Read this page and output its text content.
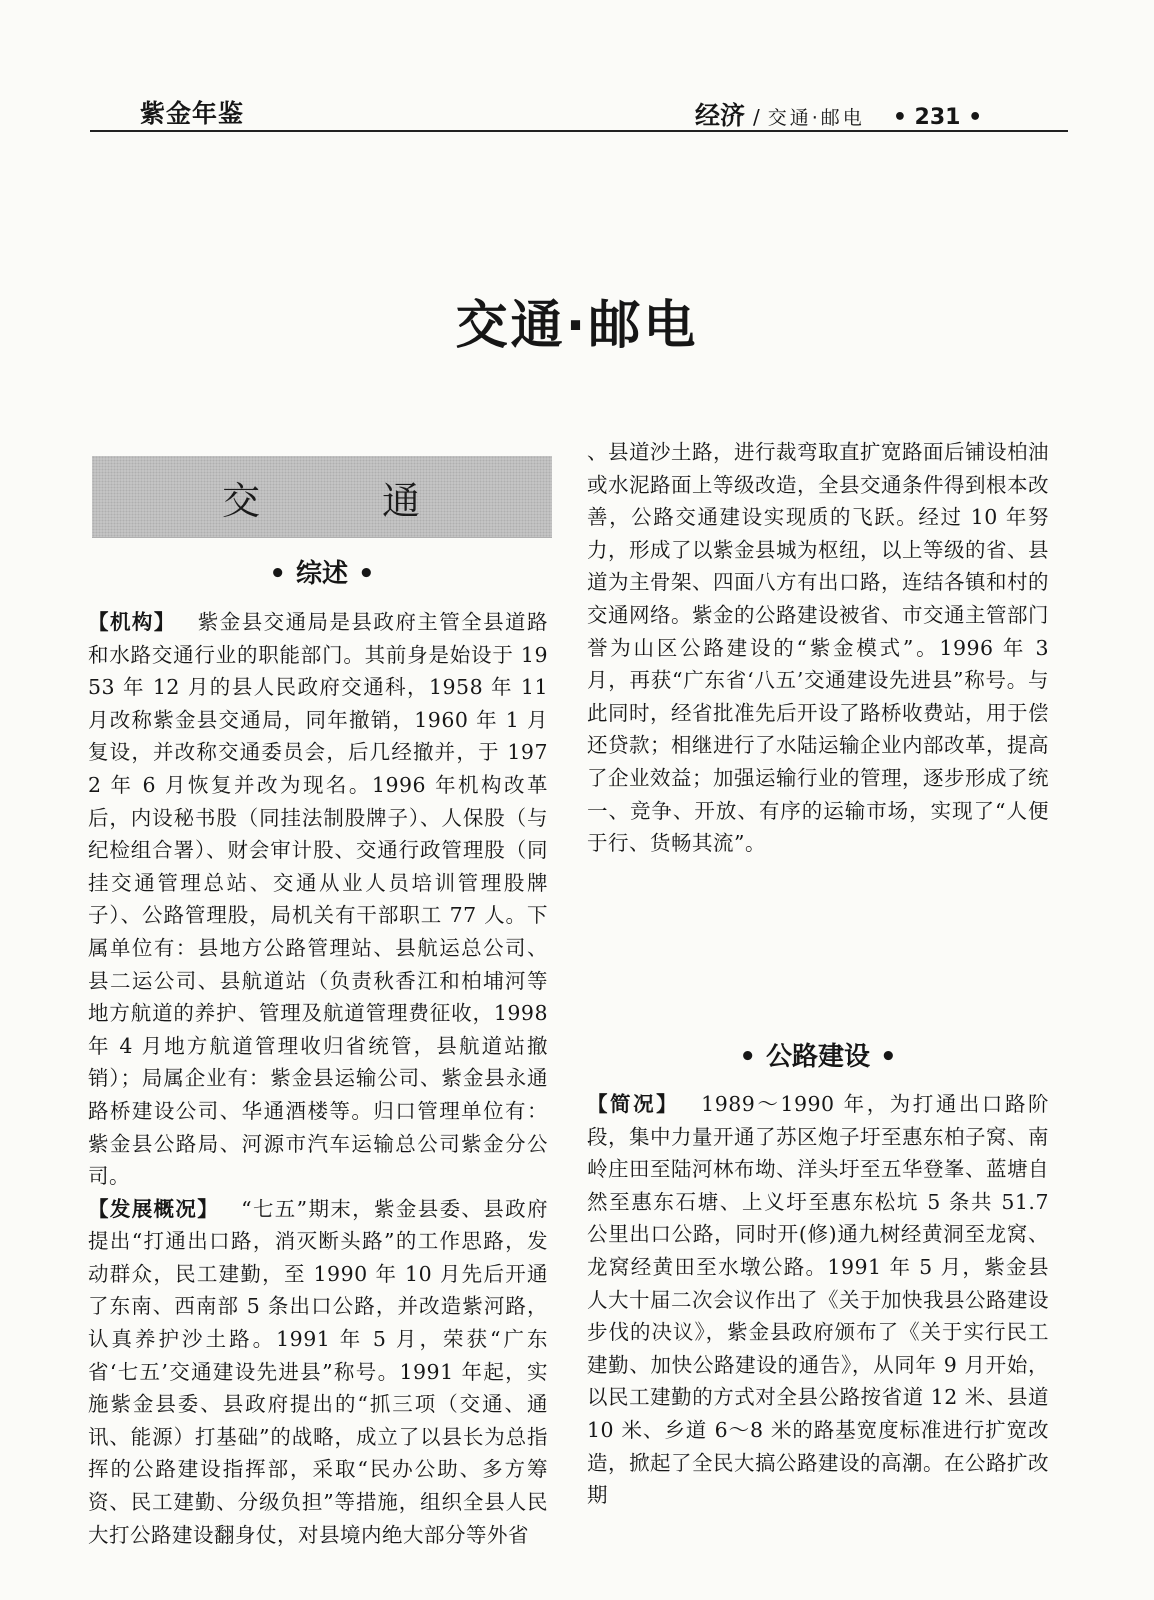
紫金年鉴	经济 / 交通·邮电 • 231 •
交通·邮电
交	通
• 综述 •

【机构】 紫金县交通局是县政府主管全县道路和水路交通行业的职能部门。其前身是始设于 1953 年 12 月的县人民政府交通科，1958 年 11 月改称紫金县交通局，同年撤销，1960 年 1 月复设，并改称交通委员会，后几经撤并，于 1972 年 6 月恢复并改为现名。1996 年机构改革后，内设秘书股（同挂法制股牌子）、人保股（与纪检组合署）、财会审计股、交通行政管理股（同挂交通管理总站、交通从业人员培训管理股牌子）、公路管理股，局机关有干部职工 77 人。下属单位有：县地方公路管理站、县航运总公司、县二运公司、县航道站（负责秋香江和柏埔河等地方航道的养护、管理及航道管理费征收，1998 年 4 月地方航道管理收归省统管，县航道站撤销）；局属企业有：紫金县运输公司、紫金县永通路桥建设公司、华通酒楼等。归口管理单位有：紫金县公路局、河源市汽车运输总公司紫金分公司。

【发展概况】 “七五”期末，紫金县委、县政府提出“打通出口路，消灭断头路”的工作思路，发动群众，民工建勤，至 1990 年 10 月先后开通了东南、西南部 5 条出口公路，并改造紫河路，认真养护沙土路。1991 年 5 月，荣获“广东省‘七五’交通建设先进县”称号。1991 年起，实施紫金县委、县政府提出的“抓三项（交通、通讯、能源）打基础”的战略，成立了以县长为总指挥的公路建设指挥部，采取“民办公助、多方筹资、民工建勤、分级负担”等措施，组织全县人民大打公路建设翻身仗，对县境内绝大部分等外省

、县道沙土路，进行裁弯取直扩宽路面后铺设柏油或水泥路面上等级改造，全县交通条件得到根本改善，公路交通建设实现质的飞跃。经过 10 年努力，形成了以紫金县城为枢纽，以上等级的省、县道为主骨架、四面八方有出口路，连结各镇和村的交通网络。紫金的公路建设被省、市交通主管部门誉为山区公路建设的“紫金模式”。1996 年 3 月，再获“广东省‘八五’交通建设先进县”称号。与此同时，经省批准先后开设了路桥收费站，用于偿还贷款；相继进行了水陆运输企业内部改革，提高了企业效益；加强运输行业的管理，逐步形成了统一、竞争、开放、有序的运输市场，实现了“人便于行、货畅其流”。

• 公路建设 •

【简况】 1989～1990 年，为打通出口路阶段，集中力量开通了苏区炮子圩至惠东柏子窝、南岭庄田至陆河林布坳、洋头圩至五华登峯、蓝塘自然至惠东石塘、上义圩至惠东松坑 5 条共 51.7 公里出口公路，同时开(修)通九树经黄洞至龙窝、龙窝经黄田至水墩公路。1991 年 5 月，紫金县人大十届二次会议作出了《关于加快我县公路建设步伐的决议》，紫金县政府颁布了《关于实行民工建勤、加快公路建设的通告》，从同年 9 月开始，以民工建勤的方式对全县公路按省道 12 米、县道 10 米、乡道 6～8 米的路基宽度标准进行扩宽改造，掀起了全民大搞公路建设的高潮。在公路扩改期
